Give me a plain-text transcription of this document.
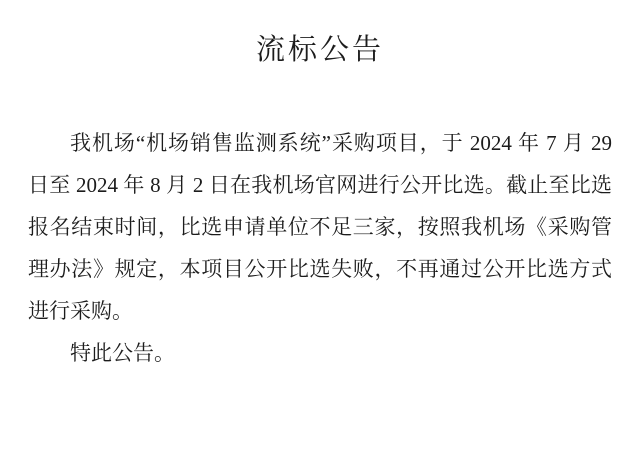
流标公告

我机场“机场销售监测系统”采购项目，于 2024 年 7 月 29 日至 2024 年 8 月 2 日在我机场官网进行公开比选。截止至比选报名结束时间，比选申请单位不足三家，按照我机场《采购管理办法》规定，本项目公开比选失败，不再通过公开比选方式进行采购。

特此公告。
